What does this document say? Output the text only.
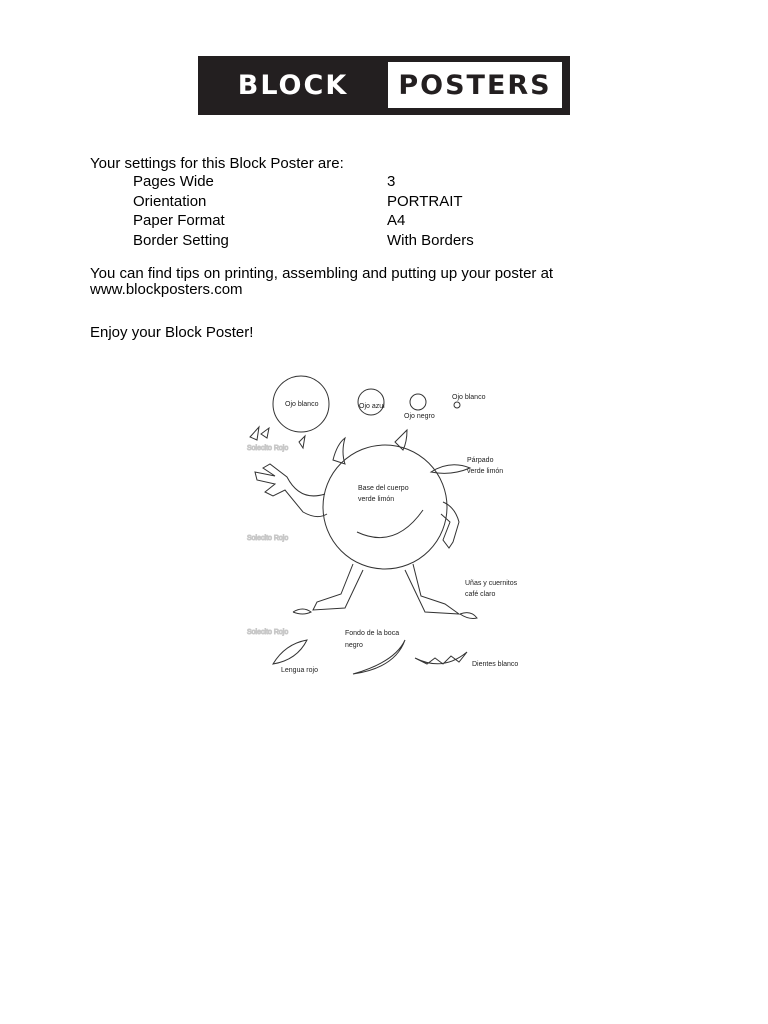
BLOCK	POSTERS
Your settings for this Block Poster are:
Pages Wide	3
Orientation	PORTRAIT
Paper Format	A4
Border Setting	With Borders
You can find tips on printing, assembling and putting up your poster at
www.blockposters.com
Enjoy your Block Poster!
Solecito Rojo
Solecito Rojo
Solecito Rojo
Ojo blanco	Ojo azul
Ojo negro
Ojo blanco
Párpado
verde limón
Base del cuerpo
verde limón
Uñas y cuernitos
café claro
Fondo de la boca
negro
Lengua rojo
Dientes blanco
